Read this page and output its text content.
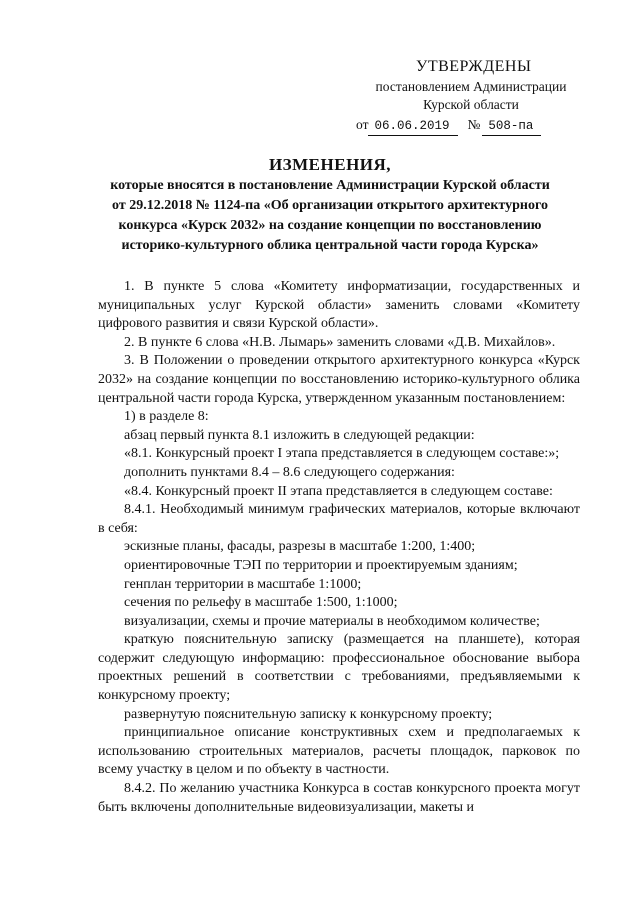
УТВЕРЖДЕНЫ
постановлением Администрации
Курской области
от 06.06.2019	№ 508-па
ИЗМЕНЕНИЯ,
которые вносятся в постановление Администрации Курской области
от 29.12.2018 № 1124-па «Об организации открытого архитектурного
конкурса «Курск 2032» на создание концепции по восстановлению
историко-культурного облика центральной части города Курска»

1. В пункте 5 слова «Комитету информатизации, государственных и муниципальных услуг Курской области» заменить словами «Комитету цифрового развития и связи Курской области».

2. В пункте 6 слова «Н.В. Лымарь» заменить словами «Д.В. Михайлов».

3. В Положении о проведении открытого архитектурного конкурса «Курск 2032» на создание концепции по восстановлению историко-культурного облика центральной части города Курска, утвержденном указанным постановлением:

1) в разделе 8:

абзац первый пункта 8.1 изложить в следующей редакции:

«8.1. Конкурсный проект I этапа представляется в следующем составе:»;

дополнить пунктами 8.4 – 8.6 следующего содержания:

«8.4. Конкурсный проект II этапа представляется в следующем составе:

8.4.1. Необходимый минимум графических материалов, которые включают в себя:

эскизные планы, фасады, разрезы в масштабе 1:200, 1:400;

ориентировочные ТЭП по территории и проектируемым зданиям;

генплан территории в масштабе 1:1000;

сечения по рельефу в масштабе 1:500, 1:1000;

визуализации, схемы и прочие материалы в необходимом количестве;

краткую пояснительную записку (размещается на планшете), которая содержит следующую информацию: профессиональное обоснование выбора проектных решений в соответствии с требованиями, предъявляемыми к конкурсному проекту;

развернутую пояснительную записку к конкурсному проекту;

принципиальное описание конструктивных схем и предполагаемых к использованию строительных материалов, расчеты площадок, парковок по всему участку в целом и по объекту в частности.

8.4.2. По желанию участника Конкурса в состав конкурсного проекта могут быть включены дополнительные видеовизуализации, макеты и
